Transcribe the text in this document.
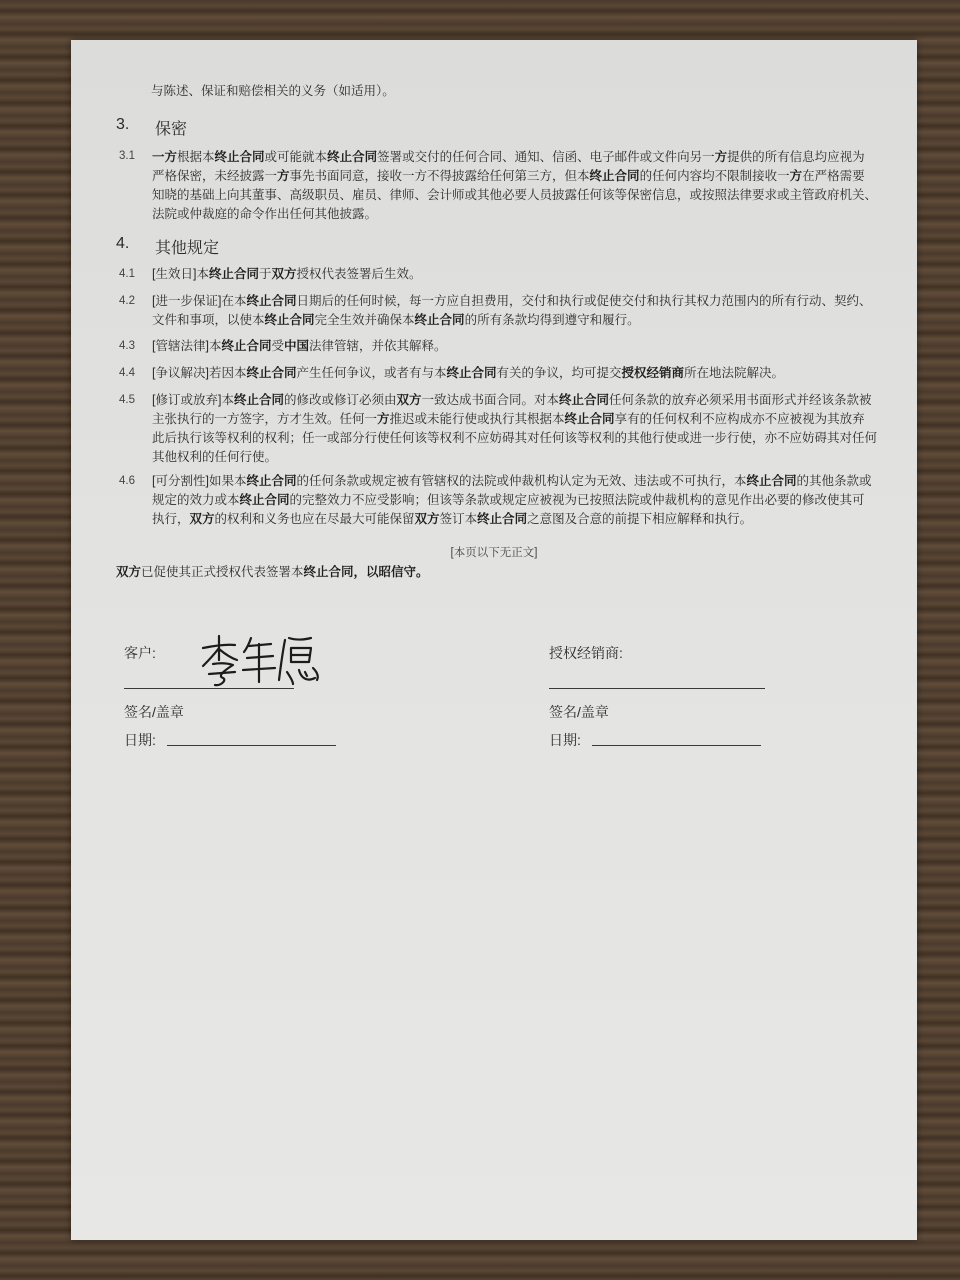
与陈述、保证和赔偿相关的义务（如适用）。
3. 保密
3.1 一方根据本终止合同或可能就本终止合同签署或交付的任何合同、通知、信函、电子邮件或文件向另一方提供的所有信息均应视为严格保密，未经披露一方事先书面同意，接收一方不得披露给任何第三方，但本终止合同的任何内容均不限制接收一方在严格需要知晓的基础上向其董事、高级职员、雇员、律师、会计师或其他必要人员披露任何该等保密信息，或按照法律要求或主管政府机关、法院或仲裁庭的命令作出任何其他披露。
4. 其他规定
4.1 [生效日]本终止合同于双方授权代表签署后生效。
4.2 [进一步保证]在本终止合同日期后的任何时候，每一方应自担费用，交付和执行或促使交付和执行其权力范围内的所有行动、契约、文件和事项，以使本终止合同完全生效并确保本终止合同的所有条款均得到遵守和履行。
4.3 [管辖法律]本终止合同受中国法律管辖，并依其解释。
4.4 [争议解决]若因本终止合同产生任何争议，或者有与本终止合同有关的争议，均可提交授权经销商所在地法院解决。
4.5 [修订或放弃]本终止合同的修改或修订必须由双方一致达成书面合同。对本终止合同任何条款的放弃必须采用书面形式并经该条款被主张执行的一方签字，方才生效。任何一方推迟或未能行使或执行其根据本终止合同享有的任何权利不应构成亦不应被视为其放弃此后执行该等权利的权利；任一或部分行使任何该等权利不应妨碍其对任何该等权利的其他行使或进一步行使，亦不应妨碍其对任何其他权利的任何行使。
4.6 [可分割性]如果本终止合同的任何条款或规定被有管辖权的法院或仲裁机构认定为无效、违法或不可执行，本终止合同的其他条款或规定的效力或本终止合同的完整效力不应受影响；但该等条款或规定应被视为已按照法院或仲裁机构的意见作出必要的修改使其可执行，双方的权利和义务也应在尽最大可能保留双方签订本终止合同之意图及合意的前提下相应解释和执行。
[本页以下无正文]
双方已促使其正式授权代表签署本终止合同，以昭信守。
客户:
签名/盖章
日期:
授权经销商:
签名/盖章
日期:
